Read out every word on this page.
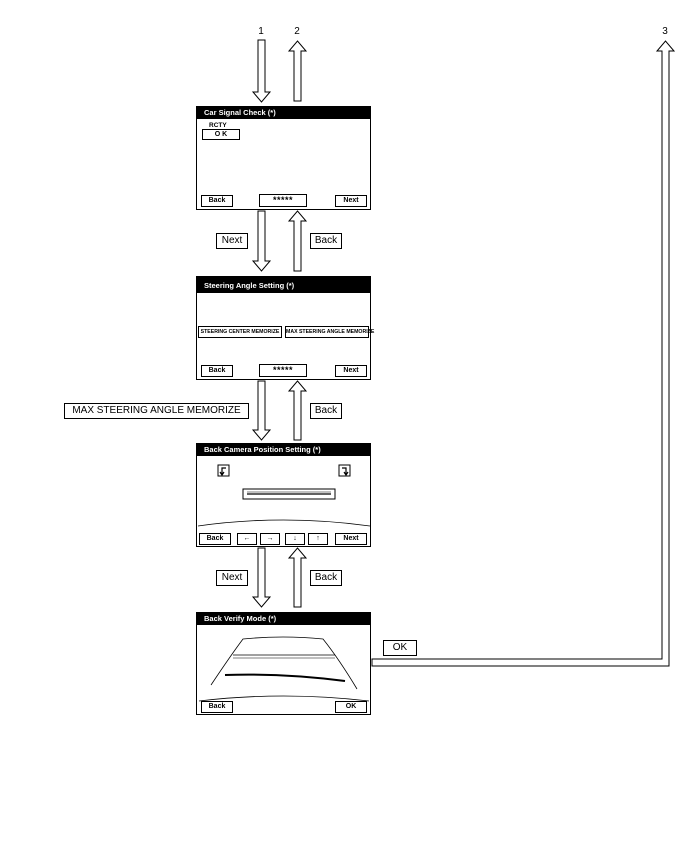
1	2	3
Car Signal Check (*)
RCTY
O K
Back	*****	Next
Next	Back
Steering Angle Setting (*)
STEERING CENTER MEMORIZE	MAX STEERING ANGLE MEMORIZE
Back	*****	Next
MAX STEERING ANGLE MEMORIZE	Back
Back Camera Position Setting (*)
Back	←	→	↓	↑	Next
Next	Back
Back Verify Mode (*)
Back	OK
OK
